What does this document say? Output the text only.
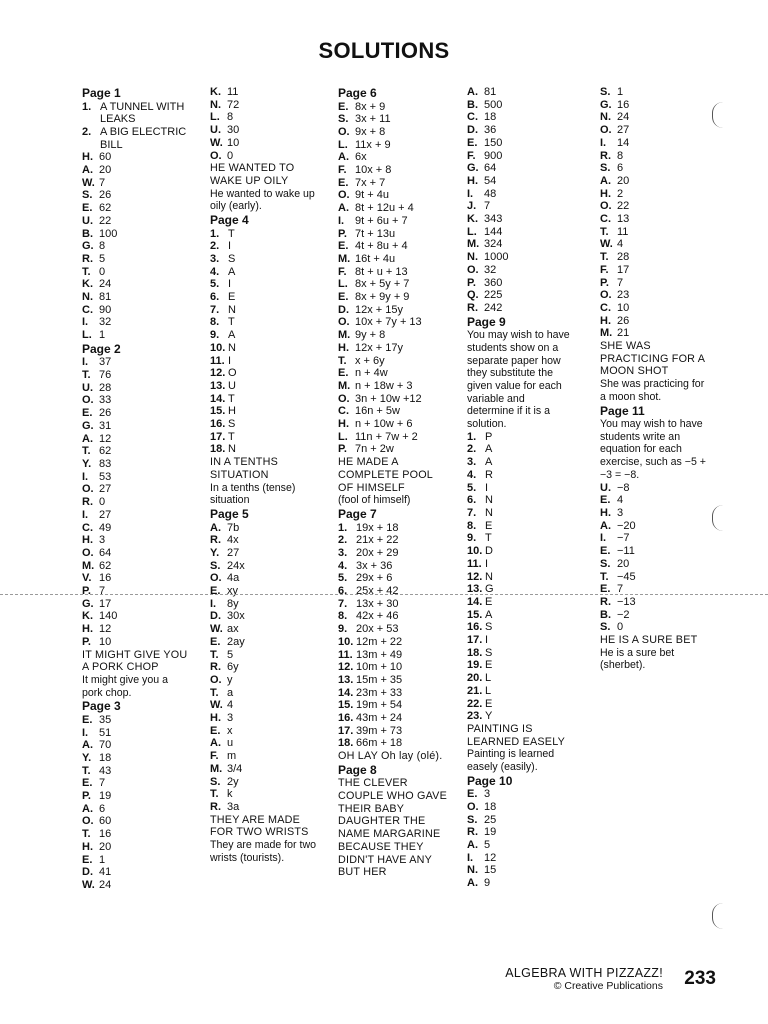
SOLUTIONS
Page 1
1. A TUNNEL WITH
LEAKS
2. A BIG ELECTRIC
BILL
H. 60
A. 20
W. 7
S. 26
E. 62
U. 22
B. 100
G. 8
R. 5
T. 0
K. 24
N. 81
C. 90
I. 32
L. 1
Page 2
I. 37
T. 76
U. 28
O. 33
E. 26
G. 31
A. 12
T. 62
Y. 83
I. 53
O. 27
R. 0
I. 27
C. 49
H. 3
O. 64
M. 62
V. 16
P. 7
G. 17
K. 140
H. 12
P. 10
IT MIGHT GIVE YOU
A PORK CHOP
It might give you a
pork chop.
Page 3
E. 35
I. 51
A. 70
Y. 18
T. 43
E. 7
P. 19
A. 6
O. 60
T. 16
H. 20
E. 1
D. 41
W. 24
K. 11
N. 72
L. 8
U. 30
W. 10
O. 0
HE WANTED TO
WAKE UP OILY
He wanted to wake up
oily (early).
Page 4
1. T
2. I
3. S
4. A
5. I
6. E
7. N
8. T
9. A
10. N
11. I
12. O
13. U
14. T
15. H
16. S
17. T
18. N
IN A TENTHS
SITUATION
In a tenths (tense)
situation
Page 5
A. 7b
R. 4x
Y. 27
S. 24x
O. 4a
E. xy
I. 8y
D. 30x
W. ax
E. 2ay
T. 5
R. 6y
O. y
T. a
W. 4
H. 3
E. x
A. u
F. m
M. 3/4
S. 2y
T. k
R. 3a
THEY ARE MADE
FOR TWO WRISTS
They are made for two
wrists (tourists).
Page 6
E. 8x + 9
S. 3x + 11
O. 9x + 8
L. 11x + 9
A. 6x
F. 10x + 8
E. 7x + 7
O. 9t + 4u
A. 8t + 12u + 4
I. 9t + 6u + 7
P. 7t + 13u
E. 4t + 8u + 4
M. 16t + 4u
F. 8t + u + 13
L. 8x + 5y + 7
E. 8x + 9y + 9
D. 12x + 15y
O. 10x + 7y + 13
M. 9y + 8
H. 12x + 17y
T. x + 6y
E. n + 4w
M. n + 18w + 3
O. 3n + 10w +12
C. 16n + 5w
H. n + 10w + 6
L. 11n + 7w + 2
P. 7n + 2w
HE MADE A
COMPLETE POOL
OF HIMSELF
(fool of himself)
Page 7
1. 19x + 18
2. 21x + 22
3. 20x + 29
4. 3x + 36
5. 29x + 6
6. 25x + 42
7. 13x + 30
8. 42x + 46
9. 20x + 53
10. 12m + 22
11. 13m + 49
12. 10m + 10
13. 15m + 35
14. 23m + 33
15. 19m + 54
16. 43m + 24
17. 39m + 73
18. 66m + 18
OH LAY Oh lay (olé).
Page 8
THE CLEVER
COUPLE WHO GAVE
THEIR BABY
DAUGHTER THE
NAME MARGARINE
BECAUSE THEY
DIDN'T HAVE ANY
BUT HER
A. 81
B. 500
C. 18
D. 36
E. 150
F. 900
G. 64
H. 54
I. 48
J. 7
K. 343
L. 144
M. 324
N. 1000
O. 32
P. 360
Q. 225
R. 242
Page 9
You may wish to have
students show on a
separate paper how
they substitute the
given value for each
variable and
determine if it is a
solution.
1. P
2. A
3. A
4. R
5. I
6. N
7. N
8. E
9. T
10. D
11. I
12. N
13. G
14. E
15. A
16. S
17. I
18. S
19. E
20. L
21. L
22. E
23. Y
PAINTING IS
LEARNED EASELY
Painting is learned
easely (easily).
Page 10
E. 3
O. 18
S. 25
R. 19
A. 5
I. 12
N. 15
A. 9
S. 1
G. 16
N. 24
O. 27
I. 14
R. 8
S. 6
A. 20
H. 2
O. 22
C. 13
T. 11
W. 4
T. 28
F. 17
P. 7
O. 23
C. 10
H. 26
M. 21
SHE WAS
PRACTICING FOR A
MOON SHOT
She was practicing for
a moon shot.
Page 11
You may wish to have
students write an
equation for each
exercise, such as −5 +
−3 = −8.
U. −8
E. 4
H. 3
A. −20
I. −7
E. −11
S. 20
T. −45
E. 7
R. −13
B. −2
S. 0
HE IS A SURE BET
He is a sure bet
(sherbet).
ALGEBRA WITH PIZZAZZ!
© Creative Publications 233
